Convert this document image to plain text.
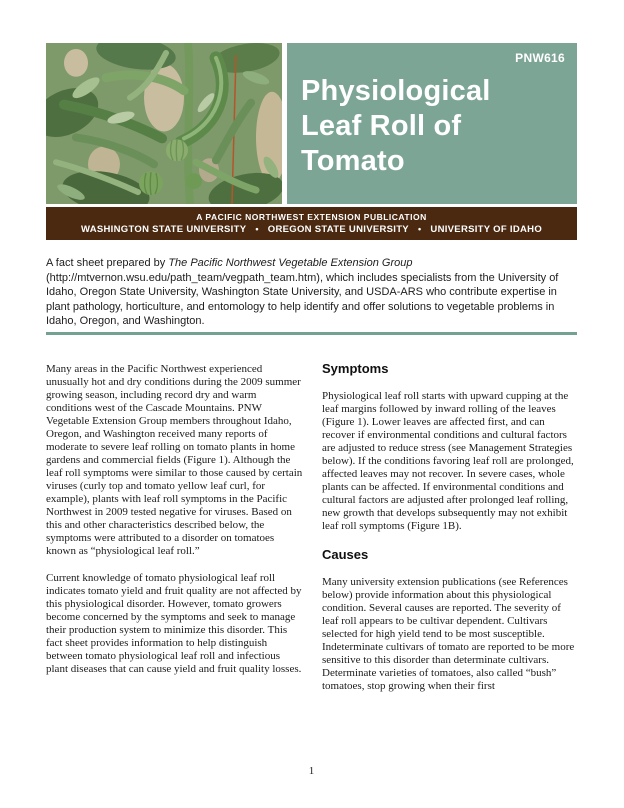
PNW616
Physiological
Leaf Roll of
Tomato
A PACIFIC NORTHWEST EXTENSION PUBLICATION
WASHINGTON STATE UNIVERSITY • OREGON STATE UNIVERSITY • UNIVERSITY OF IDAHO

A fact sheet prepared by The Pacific Northwest Vegetable Extension Group (http://mtvernon.wsu.edu/path_team/vegpath_team.htm), which includes specialists from the University of Idaho, Oregon State University, Washington State University, and USDA-ARS who contribute expertise in plant pathology, horticulture, and entomology to help identify and offer solutions to vegetable problems in Idaho, Oregon, and Washington.

Many areas in the Pacific Northwest experienced unusually hot and dry conditions during the 2009 summer growing season, including record dry and warm conditions west of the Cascade Mountains. PNW Vegetable Extension Group members throughout Idaho, Oregon, and Washington received many reports of moderate to severe leaf rolling on tomato plants in home gardens and commercial fields (Figure 1). Although the leaf roll symptoms were similar to those caused by certain viruses (curly top and tomato yellow leaf curl, for example), plants with leaf roll symptoms in the Pacific Northwest in 2009 tested negative for viruses. Based on this and other characteristics described below, the symptoms were attributed to a disorder on tomatoes known as “physiological leaf roll.”

Current knowledge of tomato physiological leaf roll indicates tomato yield and fruit quality are not affected by this physiological disorder. However, tomato growers become concerned by the symptoms and seek to manage their production system to minimize this disorder. This fact sheet provides information to help distinguish between tomato physiological leaf roll and infectious plant diseases that can cause yield and fruit quality losses.

Symptoms

Physiological leaf roll starts with upward cupping at the leaf margins followed by inward rolling of the leaves (Figure 1). Lower leaves are affected first, and can recover if environmental conditions and cultural factors are adjusted to reduce stress (see Management Strategies below). If the conditions favoring leaf roll are prolonged, affected leaves may not recover. In severe cases, whole plants can be affected. If environmental conditions and cultural factors are adjusted after prolonged leaf rolling, new growth that develops subsequently may not exhibit leaf roll symptoms (Figure 1B).

Causes

Many university extension publications (see References below) provide information about this physiological condition. Several causes are reported. The severity of leaf roll appears to be cultivar dependent. Cultivars selected for high yield tend to be most susceptible. Indeterminate cultivars of tomato are reported to be more sensitive to this disorder than determinate cultivars. Determinate varieties of tomatoes, also called “bush” tomatoes, stop growing when their first

1
